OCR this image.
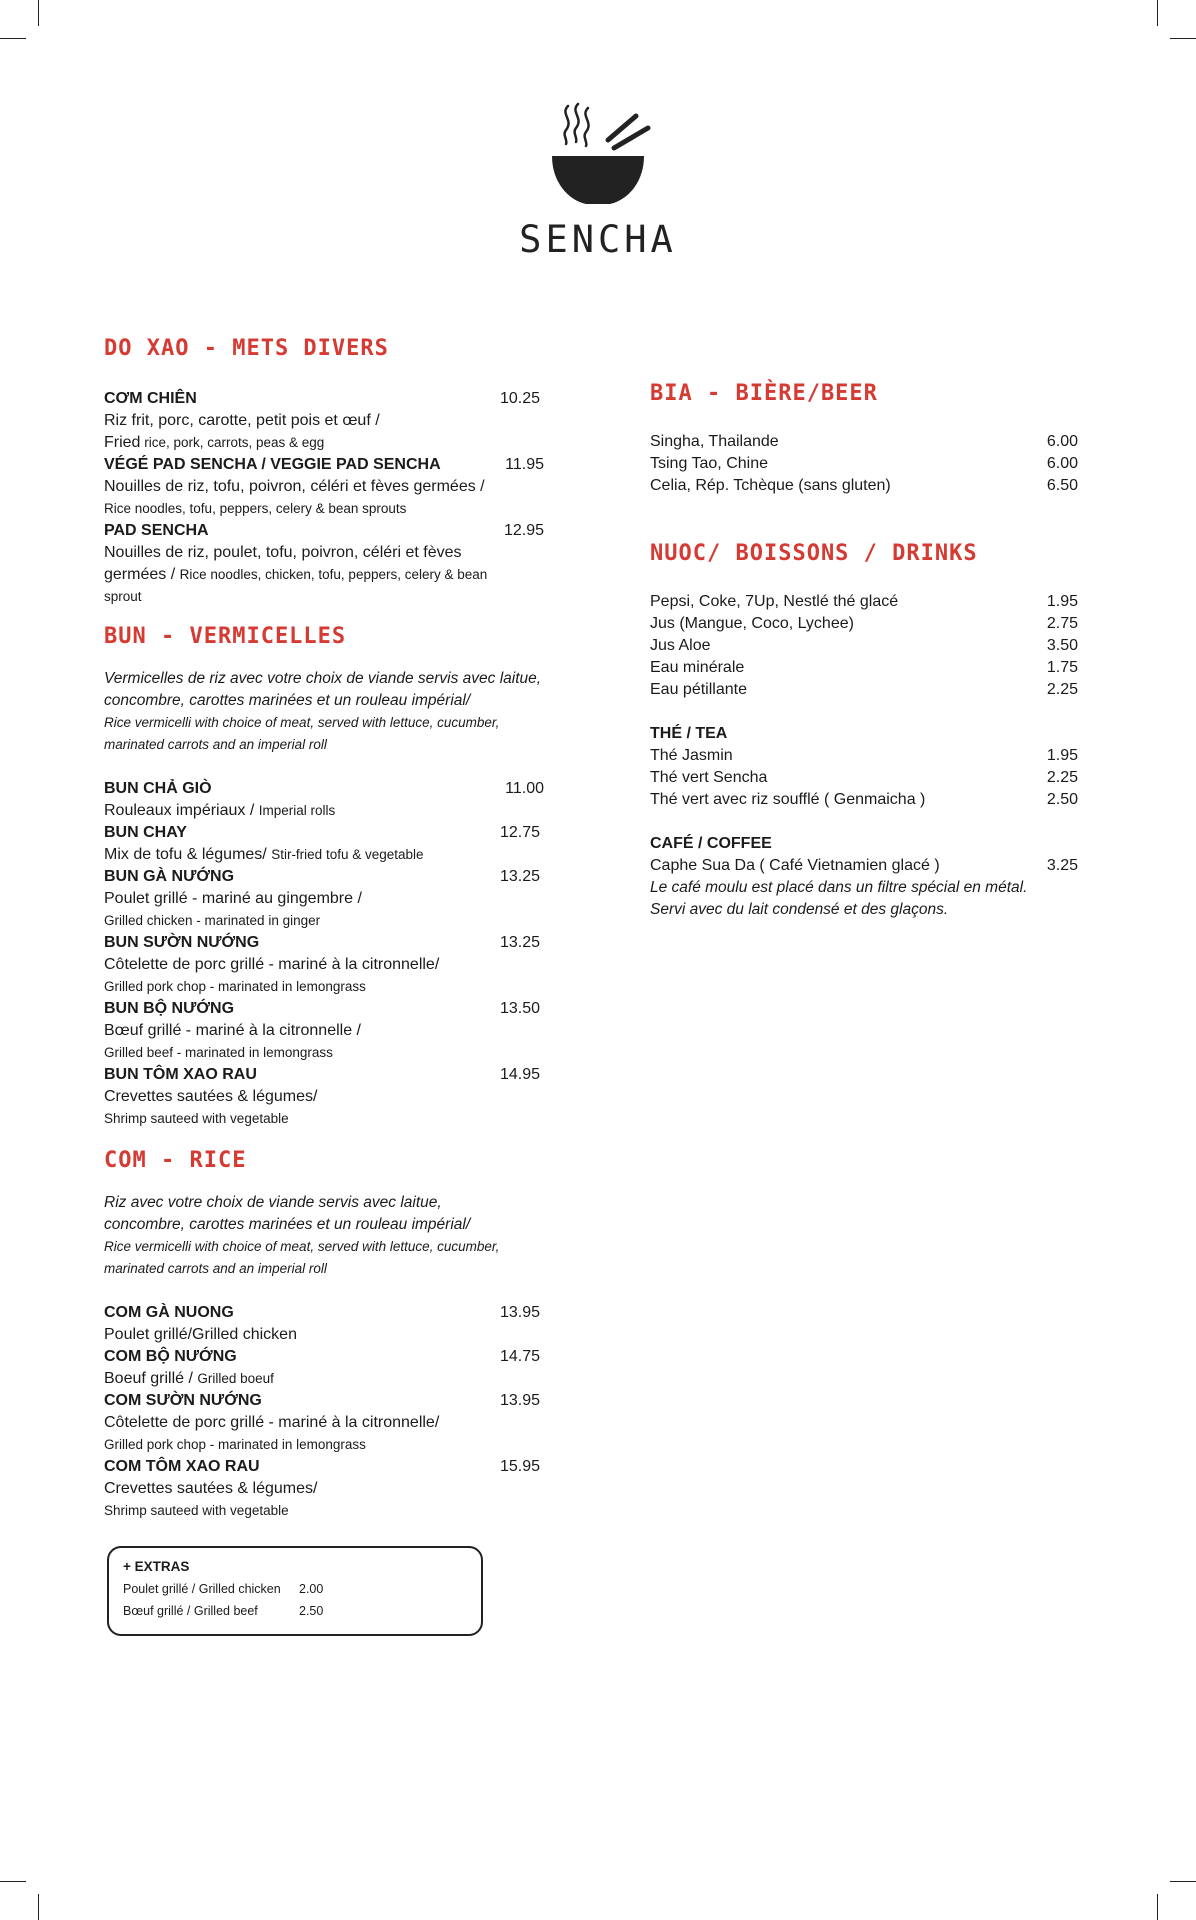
SENCHA
DO XAO - METS DIVERS
CƠM CHIÊN	10.25
Riz frit, porc, carotte, petit pois et œuf /
Fried rice, pork, carrots, peas & egg
VÉGÉ PAD SENCHA / VEGGIE PAD SENCHA	11.95
Nouilles de riz, tofu, poivron, céléri et fèves germées /
Rice noodles, tofu, peppers, celery & bean sprouts
PAD SENCHA	12.95
Nouilles de riz, poulet, tofu, poivron, céléri et fèves
germées / Rice noodles, chicken, tofu, peppers, celery & bean
sprout
BUN - VERMICELLES
Vermicelles de riz avec votre choix de viande servis avec laitue,
concombre, carottes marinées et un rouleau impérial/
Rice vermicelli with choice of meat, served with lettuce, cucumber,
marinated carrots and an imperial roll
BUN CHẢ GIÒ	11.00
Rouleaux impériaux / Imperial rolls
BUN CHAY	12.75
Mix de tofu & légumes/ Stir-fried tofu & vegetable
BUN GÀ NƯỚNG	13.25
Poulet grillé - mariné au gingembre /
Grilled chicken - marinated in ginger
BUN SƯỜN NƯỚNG	13.25
Côtelette de porc grillé - mariné à la citronnelle/
Grilled pork chop - marinated in lemongrass
BUN BỘ NƯỚNG	13.50
Bœuf grillé - mariné à la citronnelle /
Grilled beef - marinated in lemongrass
BUN TÔM XAO RAU	14.95
Crevettes sautées & légumes/
Shrimp sauteed with vegetable
COM - RICE
Riz avec votre choix de viande servis avec laitue,
concombre, carottes marinées et un rouleau impérial/
Rice vermicelli with choice of meat, served with lettuce, cucumber,
marinated carrots and an imperial roll
COM GÀ NUONG	13.95
Poulet grillé/Grilled chicken
COM BỘ NƯỚNG	14.75
Boeuf grillé / Grilled boeuf
COM SƯỜN NƯỚNG	13.95
Côtelette de porc grillé - mariné à la citronnelle/
Grilled pork chop - marinated in lemongrass
COM TÔM XAO RAU	15.95
Crevettes sautées & légumes/
Shrimp sauteed with vegetable
+ EXTRAS
Poulet grillé / Grilled chicken	2.00
Bœuf grillé / Grilled beef	2.50
BIA - BIÈRE/BEER
Singha, Thailande	6.00
Tsing Tao, Chine	6.00
Celia, Rép. Tchèque (sans gluten)	6.50
NUOC/ BOISSONS / DRINKS
Pepsi, Coke, 7Up, Nestlé thé glacé	1.95
Jus (Mangue, Coco, Lychee)	2.75
Jus Aloe	3.50
Eau minérale	1.75
Eau pétillante	2.25
THÉ / TEA
Thé Jasmin	1.95
Thé vert Sencha	2.25
Thé vert avec riz soufflé ( Genmaicha )	2.50
CAFÉ / COFFEE
Caphe Sua Da ( Café Vietnamien glacé )	3.25
Le café moulu est placé dans un filtre spécial en métal.
Servi avec du lait condensé et des glaçons.
